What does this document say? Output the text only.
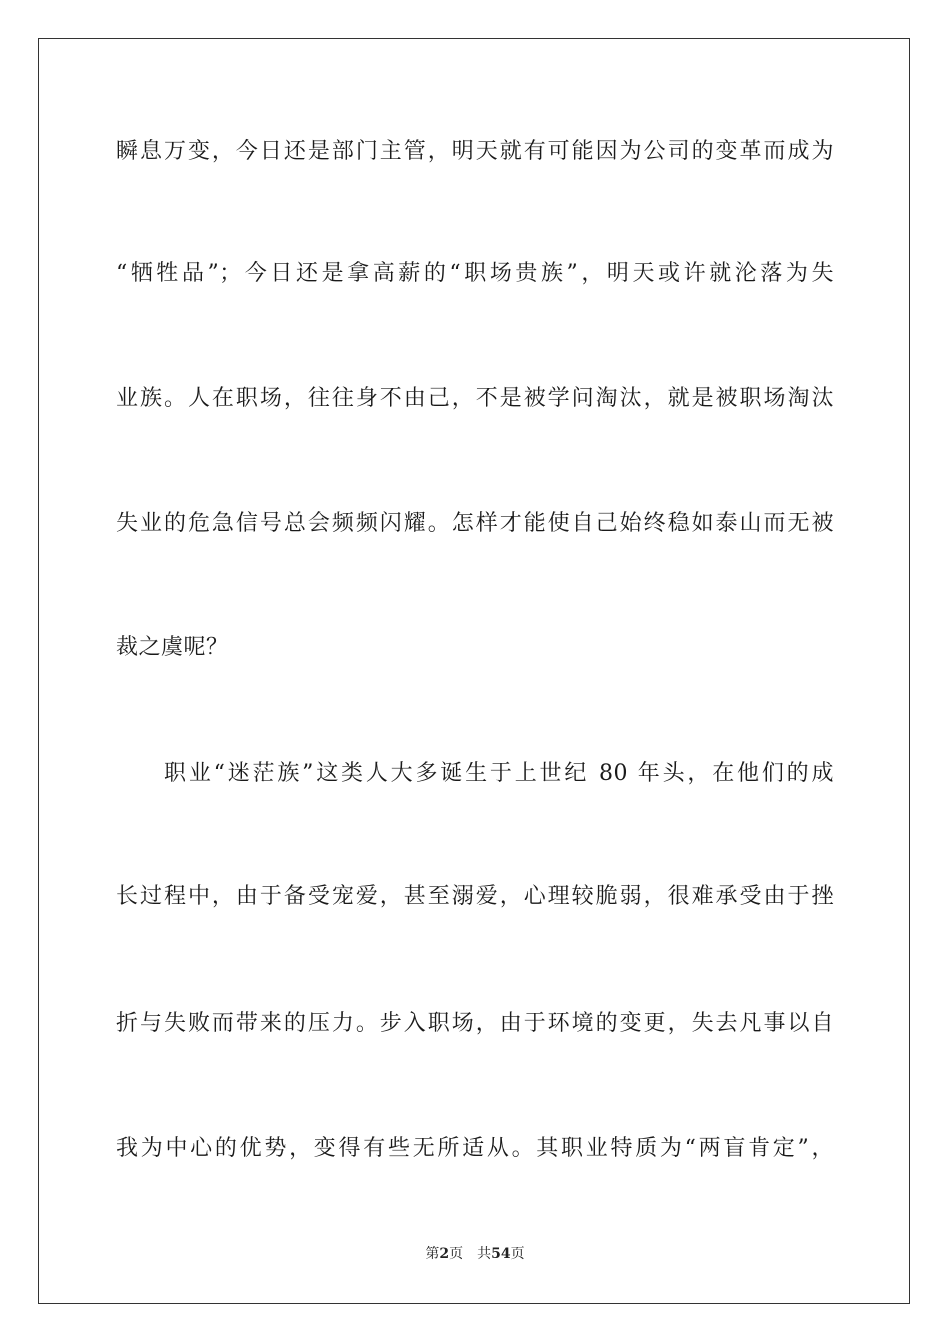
瞬息万变，今日还是部门主管，明天就有可能因为公司的变革而成为
“牺牲品”；今日还是拿高薪的“职场贵族”，明天或许就沦落为失
业族。人在职场，往往身不由己，不是被学问淘汰，就是被职场淘汰
失业的危急信号总会频频闪耀。怎样才能使自己始终稳如泰山而无被
裁之虞呢？
职业“迷茫族”这类人大多诞生于上世纪 80 年头，在他们的成
长过程中，由于备受宠爱，甚至溺爱，心理较脆弱，很难承受由于挫
折与失败而带来的压力。步入职场，由于环境的变更，失去凡事以自
我为中心的优势，变得有些无所适从。其职业特质为“两盲肯定”，
第2页 共54页
